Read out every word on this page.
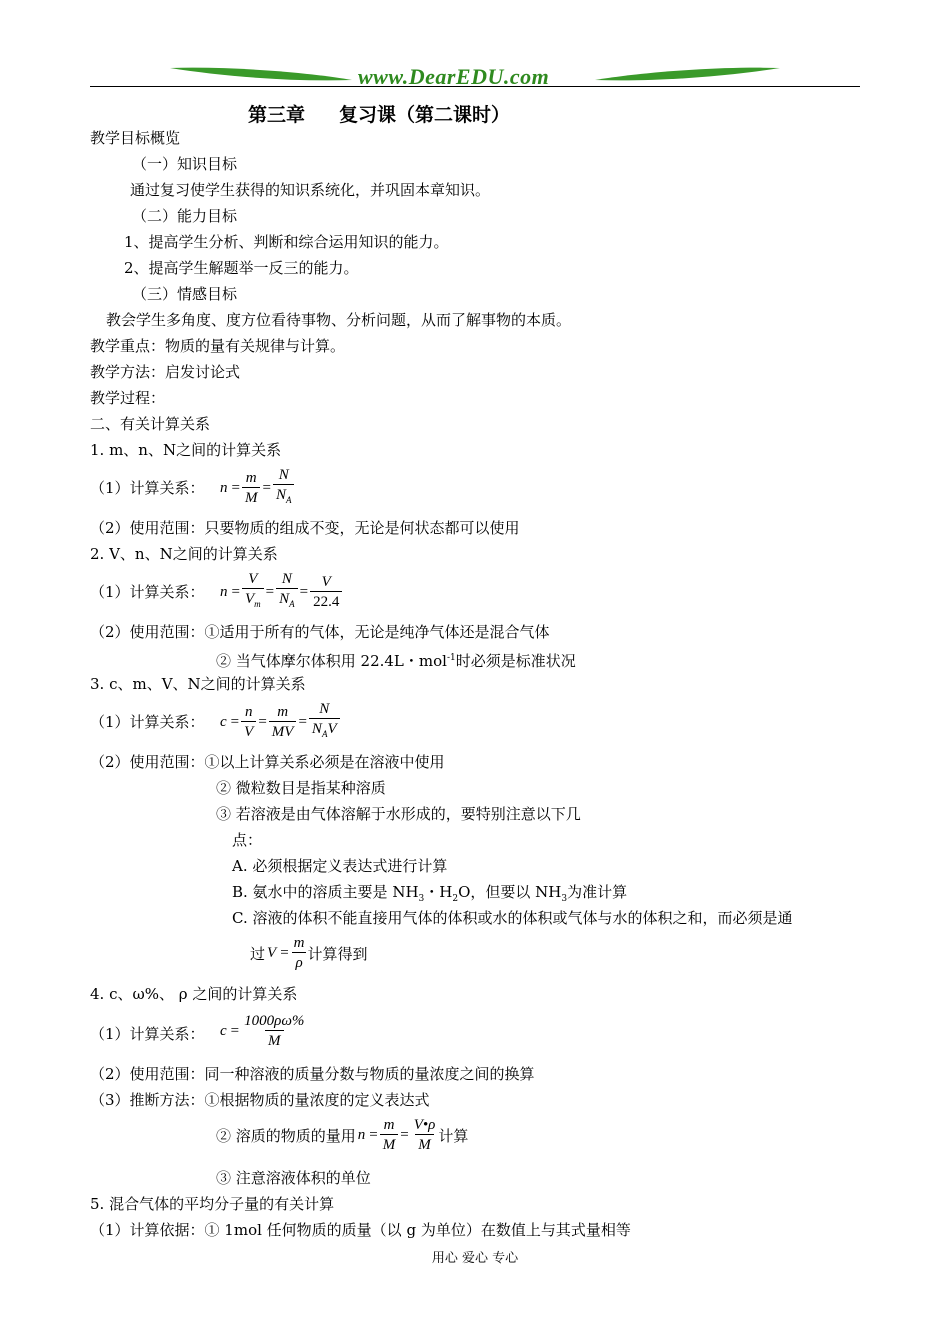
www.DearEDU.com
第三章 复习课（第二课时）
教学目标概览
（一）知识目标
通过复习使学生获得的知识系统化，并巩固本章知识。
（二）能力目标
1、提高学生分析、判断和综合运用知识的能力。
2、提高学生解题举一反三的能力。
（三）情感目标
教会学生多角度、度方位看待事物、分析问题，从而了解事物的本质。
教学重点：物质的量有关规律与计算。
教学方法：启发讨论式
教学过程：
二、有关计算关系
1. m、n、N之间的计算关系
（1）计算关系： $n = \frac{m}{M} = \frac{N}{N_A}$
（2）使用范围：只要物质的组成不变，无论是何状态都可以使用
2. V、n、N之间的计算关系
（1）计算关系： $n = \frac{V}{V_m} = \frac{N}{N_A} = \frac{V}{22.4}$
（2）使用范围：①适用于所有的气体，无论是纯净气体还是混合气体
② 当气体摩尔体积用 22.4L・mol$^{-1}$时必须是标准状况
3. c、m、V、N之间的计算关系
（1）计算关系： $c = \frac{n}{V} = \frac{m}{MV} = \frac{N}{N_AV}$
（2）使用范围：①以上计算关系必须是在溶液中使用
② 微粒数目是指某种溶质
③ 若溶液是由气体溶解于水形成的，要特别注意以下几
点：
A. 必须根据定义表达式进行计算
B. 氨水中的溶质主要是 $NH_3$・$H_2O$，但要以 $NH_3$为准计算
C. 溶液的体积不能直接用气体的体积或水的体积或气体与水的体积之和，而必须是通
过 $V = \frac{m}{\rho}$ 计算得到
4. c、ω%、 ρ 之间的计算关系
（1）计算关系： $c = \frac{1000\rho\omega\%}{M}$
（2）使用范围：同一种溶液的质量分数与物质的量浓度之间的换算
（3）推断方法：①根据物质的量浓度的定义表达式
② 溶质的物质的量用 $n = \frac{m}{M} = \frac{V•\rho}{M}$ 计算
③ 注意溶液体积的单位
5. 混合气体的平均分子量的有关计算
（1）计算依据：① 1mol 任何物质的质量（以 g 为单位）在数值上与其式量相等
用心 爱心 专心
